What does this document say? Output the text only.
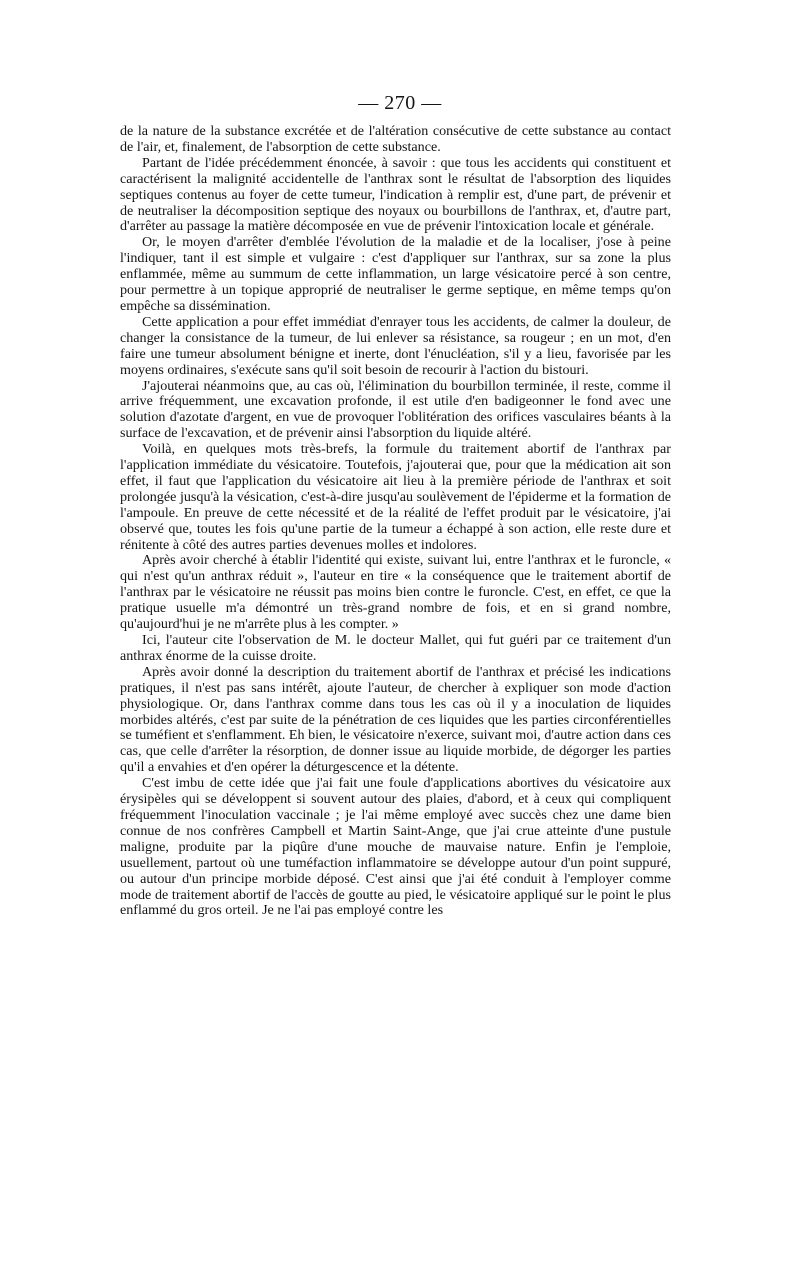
— 270 —

de la nature de la substance excrétée et de l'altération consécutive de cette substance au contact de l'air, et, finalement, de l'absorption de cette substance.

Partant de l'idée précédemment énoncée, à savoir : que tous les accidents qui constituent et caractérisent la malignité accidentelle de l'anthrax sont le résultat de l'absorption des liquides septiques contenus au foyer de cette tumeur, l'indication à remplir est, d'une part, de prévenir et de neutraliser la décomposition septique des noyaux ou bourbillons de l'anthrax, et, d'autre part, d'arrêter au passage la matière décomposée en vue de prévenir l'intoxication locale et générale.

Or, le moyen d'arrêter d'emblée l'évolution de la maladie et de la localiser, j'ose à peine l'indiquer, tant il est simple et vulgaire : c'est d'appliquer sur l'anthrax, sur sa zone la plus enflammée, même au summum de cette inflammation, un large vésicatoire percé à son centre, pour permettre à un topique approprié de neutraliser le germe septique, en même temps qu'on empêche sa dissémination.

Cette application a pour effet immédiat d'enrayer tous les accidents, de calmer la douleur, de changer la consistance de la tumeur, de lui enlever sa résistance, sa rougeur ; en un mot, d'en faire une tumeur absolument bénigne et inerte, dont l'énucléation, s'il y a lieu, favorisée par les moyens ordinaires, s'exécute sans qu'il soit besoin de recourir à l'action du bistouri.

J'ajouterai néanmoins que, au cas où, l'élimination du bourbillon terminée, il reste, comme il arrive fréquemment, une excavation profonde, il est utile d'en badigeonner le fond avec une solution d'azotate d'argent, en vue de provoquer l'oblitération des orifices vasculaires béants à la surface de l'excavation, et de prévenir ainsi l'absorption du liquide altéré.

Voilà, en quelques mots très-brefs, la formule du traitement abortif de l'anthrax par l'application immédiate du vésicatoire. Toutefois, j'ajouterai que, pour que la médication ait son effet, il faut que l'application du vésicatoire ait lieu à la première période de l'anthrax et soit prolongée jusqu'à la vésication, c'est-à-dire jusqu'au soulèvement de l'épiderme et la formation de l'ampoule. En preuve de cette nécessité et de la réalité de l'effet produit par le vésicatoire, j'ai observé que, toutes les fois qu'une partie de la tumeur a échappé à son action, elle reste dure et rénitente à côté des autres parties devenues molles et indolores.

Après avoir cherché à établir l'identité qui existe, suivant lui, entre l'anthrax et le furoncle, « qui n'est qu'un anthrax réduit », l'auteur en tire « la conséquence que le traitement abortif de l'anthrax par le vésicatoire ne réussit pas moins bien contre le furoncle. C'est, en effet, ce que la pratique usuelle m'a démontré un très-grand nombre de fois, et en si grand nombre, qu'aujourd'hui je ne m'arrête plus à les compter. »

Ici, l'auteur cite l'observation de M. le docteur Mallet, qui fut guéri par ce traitement d'un anthrax énorme de la cuisse droite.

Après avoir donné la description du traitement abortif de l'anthrax et précisé les indications pratiques, il n'est pas sans intérêt, ajoute l'auteur, de chercher à expliquer son mode d'action physiologique. Or, dans l'anthrax comme dans tous les cas où il y a inoculation de liquides morbides altérés, c'est par suite de la pénétration de ces liquides que les parties circonférentielles se tuméfient et s'enflamment. Eh bien, le vésicatoire n'exerce, suivant moi, d'autre action dans ces cas, que celle d'arrêter la résorption, de donner issue au liquide morbide, de dégorger les parties qu'il a envahies et d'en opérer la déturgescence et la détente.

C'est imbu de cette idée que j'ai fait une foule d'applications abortives du vésicatoire aux érysipèles qui se développent si souvent autour des plaies, d'abord, et à ceux qui compliquent fréquemment l'inoculation vaccinale ; je l'ai même employé avec succès chez une dame bien connue de nos confrères Campbell et Martin Saint-Ange, que j'ai crue atteinte d'une pustule maligne, produite par la piqûre d'une mouche de mauvaise nature. Enfin je l'emploie, usuellement, partout où une tuméfaction inflammatoire se développe autour d'un point suppuré, ou autour d'un principe morbide déposé. C'est ainsi que j'ai été conduit à l'employer comme mode de traitement abortif de l'accès de goutte au pied, le vésicatoire appliqué sur le point le plus enflammé du gros orteil. Je ne l'ai pas employé contre les
